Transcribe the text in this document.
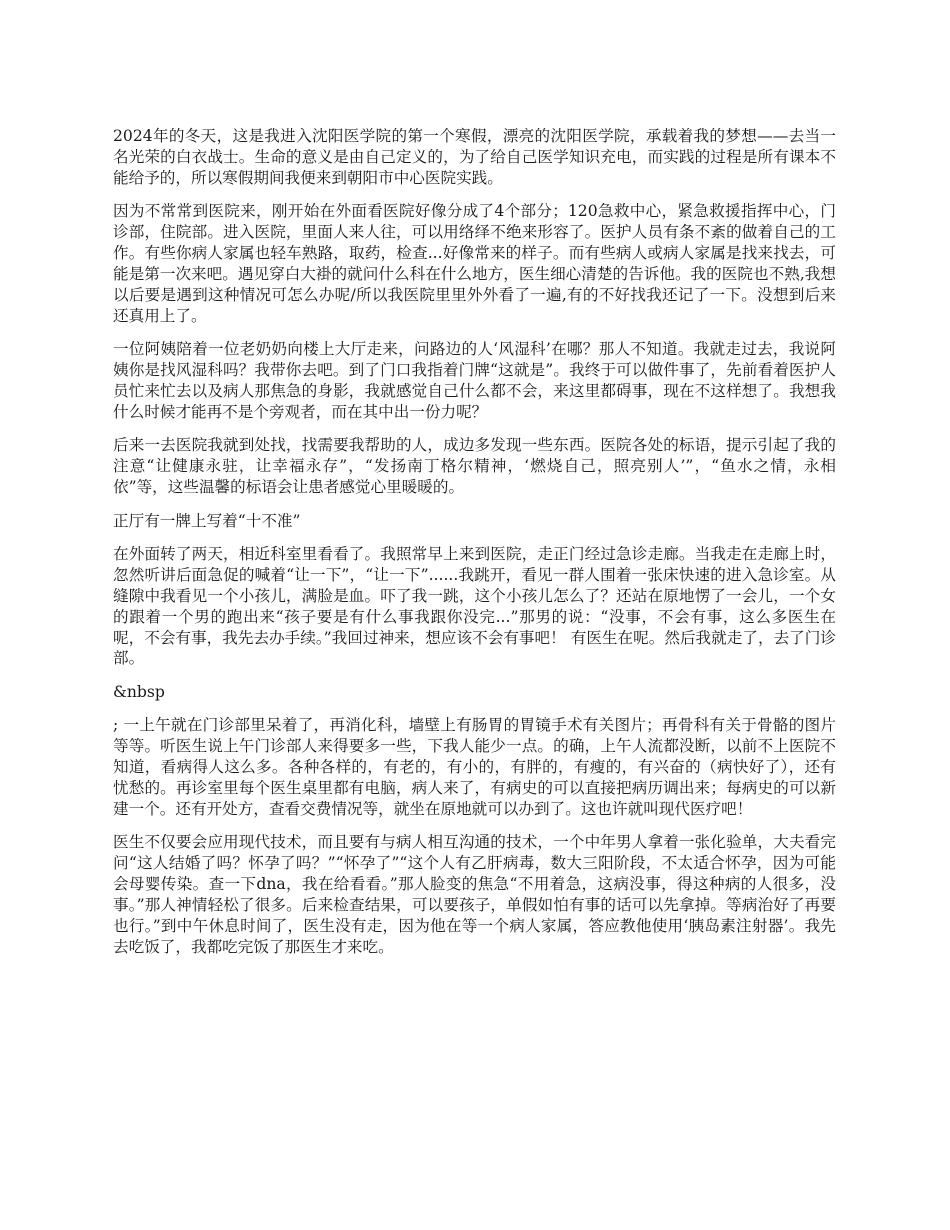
2024年的冬天，这是我进入沈阳医学院的第一个寒假，漂亮的沈阳医学院，承载着我的梦想——去当一名光荣的白衣战士。生命的意义是由自己定义的，为了给自己医学知识充电，而实践的过程是所有课本不能给予的，所以寒假期间我便来到朝阳市中心医院实践。

因为不常常到医院来，刚开始在外面看医院好像分成了4个部分；120急救中心，紧急救援指挥中心，门诊部，住院部。进入医院，里面人来人往，可以用络绎不绝来形容了。医护人员有条不紊的做着自己的工作。有些你病人家属也轻车熟路，取药，检查...好像常来的样子。而有些病人或病人家属是找来找去，可能是第一次来吧。遇见穿白大褂的就问什么科在什么地方，医生细心清楚的告诉他。我的医院也不熟,我想以后要是遇到这种情况可怎么办呢/所以我医院里里外外看了一遍,有的不好找我还记了一下。没想到后来还真用上了。

一位阿姨陪着一位老奶奶向楼上大厅走来，问路边的人‘风湿科’在哪？那人不知道。我就走过去，我说阿姨你是找风湿科吗？我带你去吧。到了门口我指着门牌“这就是”。我终于可以做件事了，先前看着医护人员忙来忙去以及病人那焦急的身影，我就感觉自己什么都不会，来这里都碍事，现在不这样想了。我想我什么时候才能再不是个旁观者，而在其中出一份力呢？

后来一去医院我就到处找，找需要我帮助的人，成边多发现一些东西。医院各处的标语，提示引起了我的注意“让健康永驻，让幸福永存”，“发扬南丁格尔精神，‘燃烧自己，照亮别人’”，“鱼水之情，永相依”等，这些温馨的标语会让患者感觉心里暖暖的。

正厅有一牌上写着“十不准”

在外面转了两天，相近科室里看看了。我照常早上来到医院，走正门经过急诊走廊。当我走在走廊上时，忽然听讲后面急促的喊着“让一下”，“让一下”......我跳开，看见一群人围着一张床快速的进入急诊室。从缝隙中我看见一个小孩儿，满脸是血。吓了我一跳，这个小孩儿怎么了？还站在原地愣了一会儿，一个女的跟着一个男的跑出来“孩子要是有什么事我跟你没完...”那男的说：“没事，不会有事，这么多医生在呢，不会有事，我先去办手续。”我回过神来，想应该不会有事吧！ 有医生在呢。然后我就走了，去了门诊部。

&nbsp

; 一上午就在门诊部里呆着了，再消化科，墙壁上有肠胃的胃镜手术有关图片；再骨科有关于骨骼的图片等等。听医生说上午门诊部人来得要多一些，下我人能少一点。的确，上午人流都没断，以前不上医院不知道，看病得人这么多。各种各样的，有老的，有小的，有胖的，有瘦的，有兴奋的（病快好了），还有忧愁的。再诊室里每个医生桌里都有电脑，病人来了，有病史的可以直接把病历调出来；每病史的可以新建一个。还有开处方，查看交费情况等，就坐在原地就可以办到了。这也许就叫现代医疗吧！

医生不仅要会应用现代技术，而且要有与病人相互沟通的技术，一个中年男人拿着一张化验单，大夫看完问“这人结婚了吗？怀孕了吗？”“怀孕了”“这个人有乙肝病毒，数大三阳阶段，不太适合怀孕，因为可能会母婴传染。查一下dna，我在给看看。”那人脸变的焦急“不用着急，这病没事，得这种病的人很多，没事。”那人神情轻松了很多。后来检查结果，可以要孩子，单假如怕有事的话可以先拿掉。等病治好了再要也行。”到中午休息时间了，医生没有走，因为他在等一个病人家属，答应教他使用‘胰岛素注射器’。我先去吃饭了，我都吃完饭了那医生才来吃。
